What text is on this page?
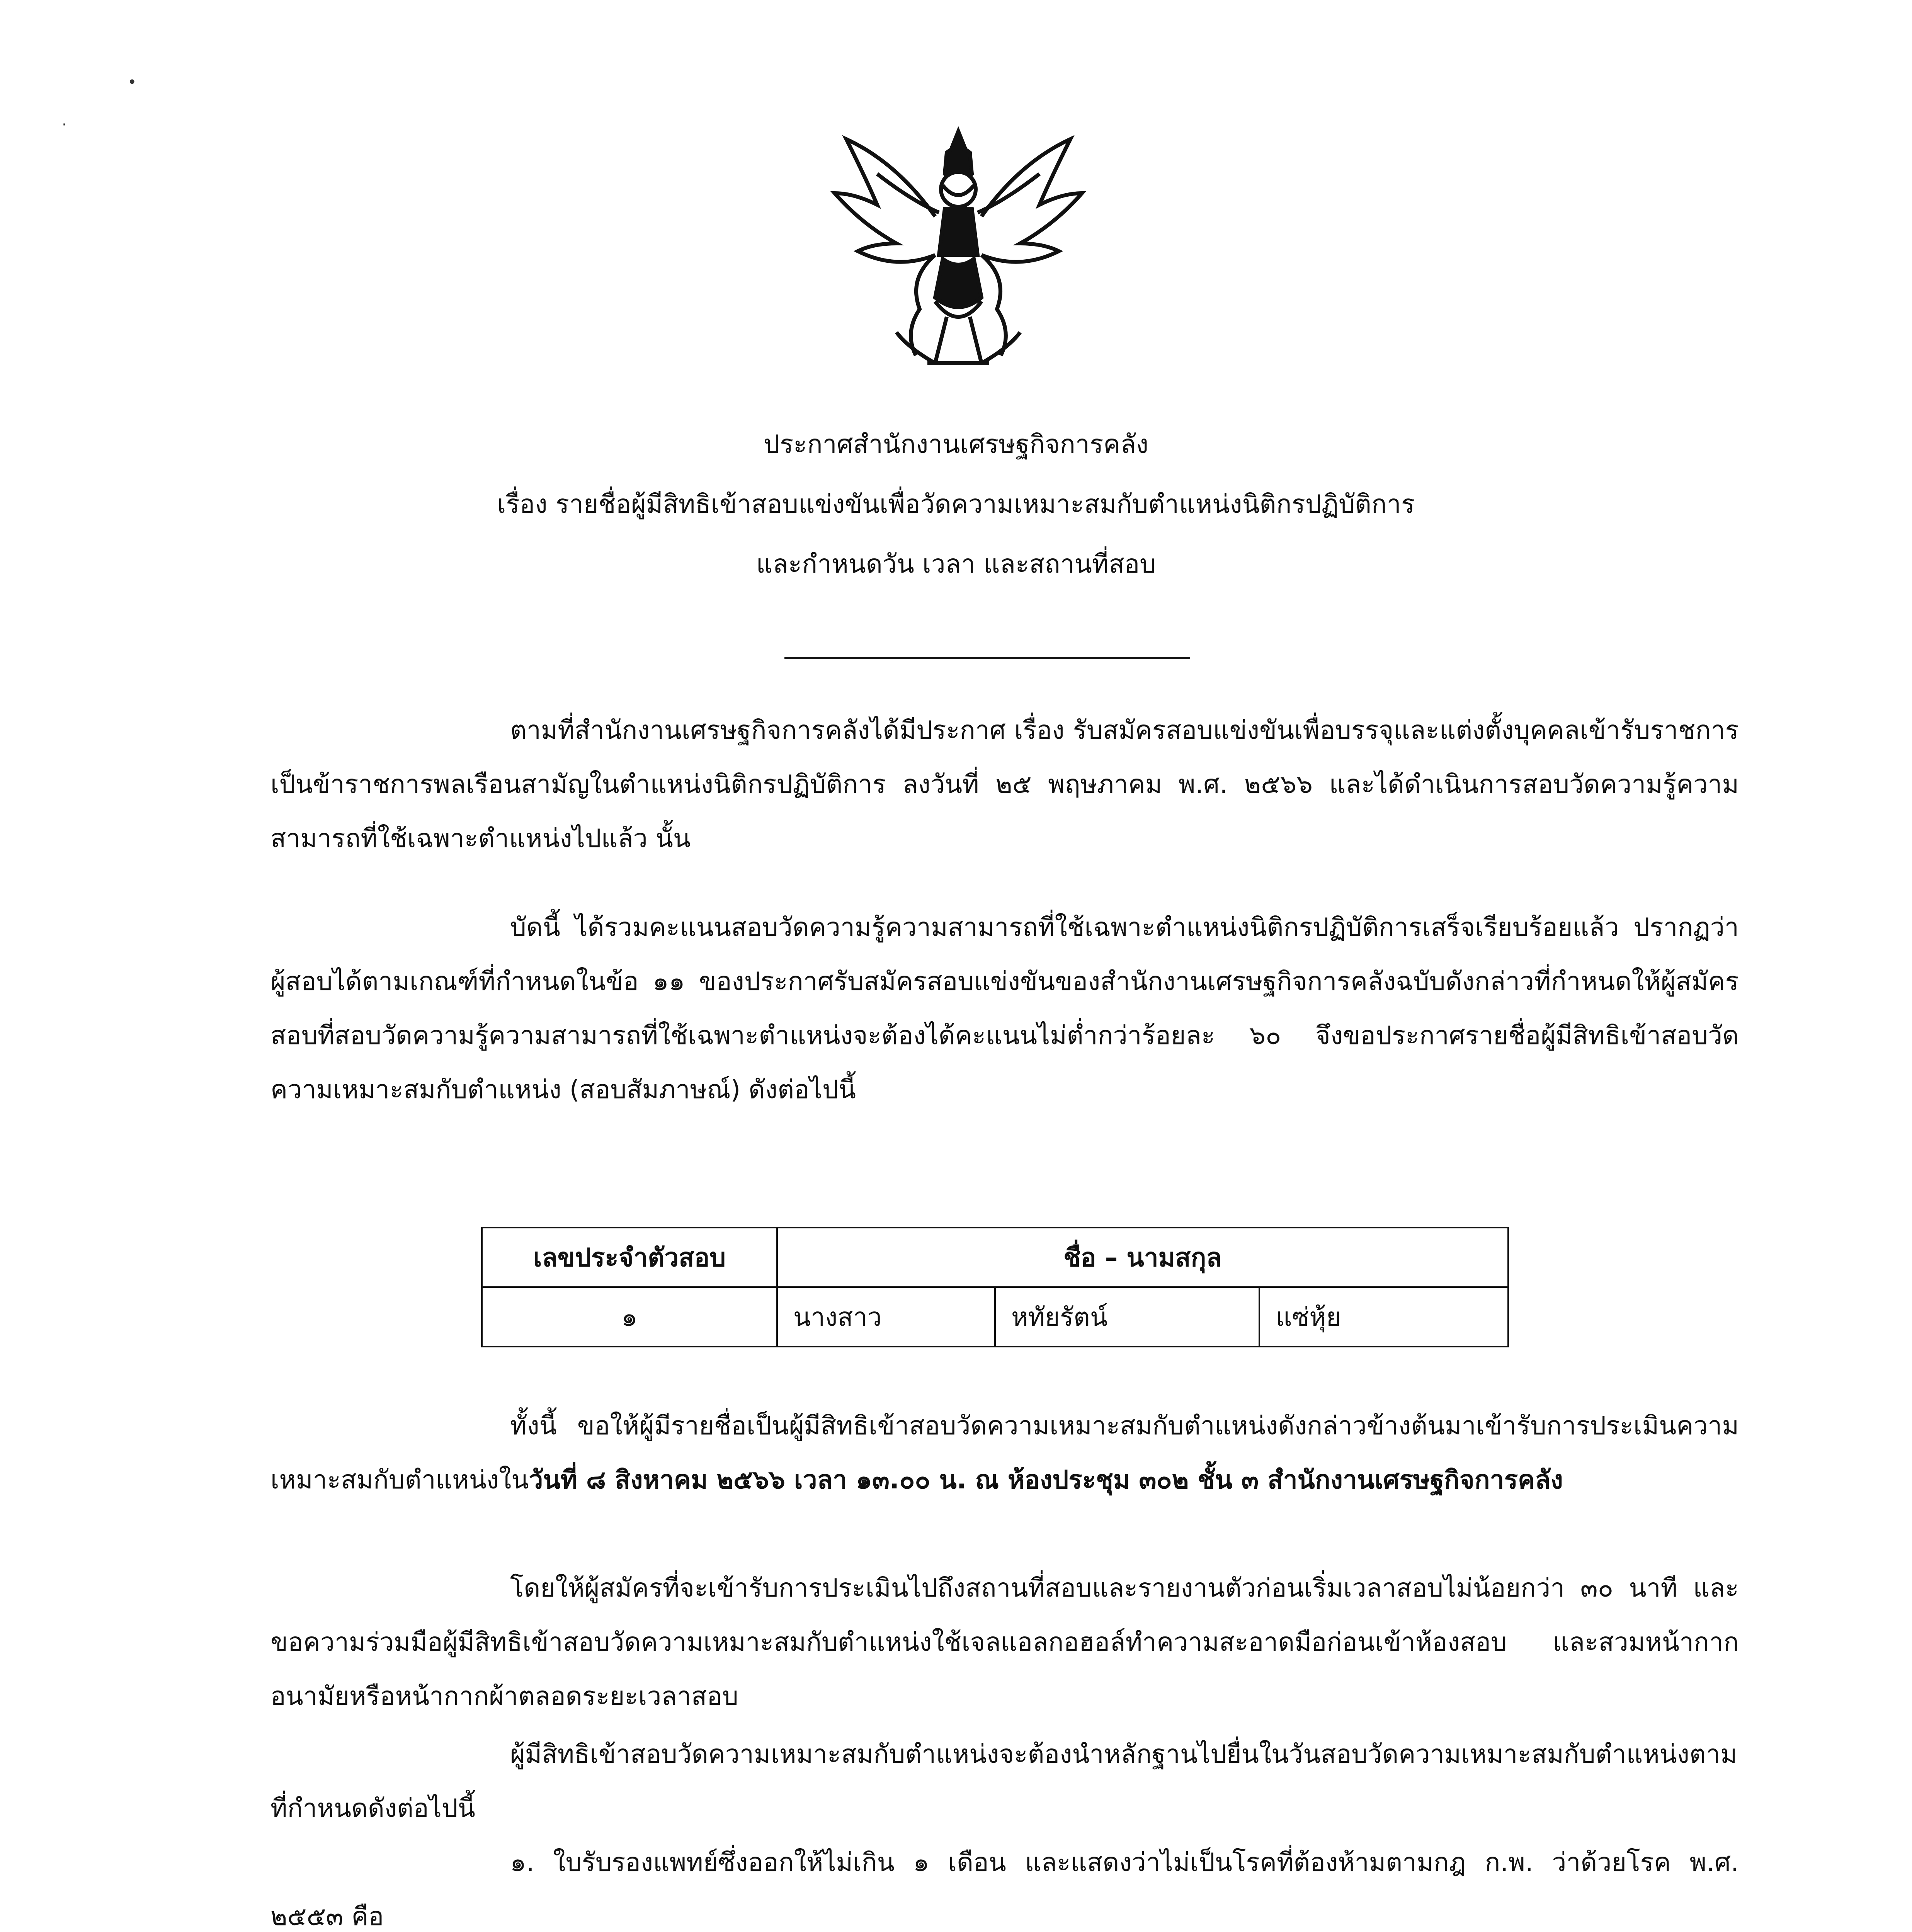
•
·
ประกาศสำนักงานเศรษฐกิจการคลัง
เรื่อง รายชื่อผู้มีสิทธิเข้าสอบแข่งขันเพื่อวัดความเหมาะสมกับตำแหน่งนิติกรปฏิบัติการ
และกำหนดวัน เวลา และสถานที่สอบ
ตามที่สำนักงานเศรษฐกิจการคลังได้มีประกาศ เรื่อง รับสมัครสอบแข่งขันเพื่อบรรจุและแต่งตั้งบุคคลเข้ารับราชการเป็นข้าราชการพลเรือนสามัญในตำแหน่งนิติกรปฏิบัติการ ลงวันที่ ๒๕ พฤษภาคม พ.ศ. ๒๕๖๖ และได้ดำเนินการสอบวัดความรู้ความสามารถที่ใช้เฉพาะตำแหน่งไปแล้ว นั้น
บัดนี้ ได้รวมคะแนนสอบวัดความรู้ความสามารถที่ใช้เฉพาะตำแหน่งนิติกรปฏิบัติการเสร็จเรียบร้อยแล้ว ปรากฏว่าผู้สอบได้ตามเกณฑ์ที่กำหนดในข้อ ๑๑ ของประกาศรับสมัครสอบแข่งขันของสำนักงานเศรษฐกิจการคลังฉบับดังกล่าวที่กำหนดให้ผู้สมัครสอบที่สอบวัดความรู้ความสามารถที่ใช้เฉพาะตำแหน่งจะต้องได้คะแนนไม่ต่ำกว่าร้อยละ ๖๐ จึงขอประกาศรายชื่อผู้มีสิทธิเข้าสอบวัดความเหมาะสมกับตำแหน่ง (สอบสัมภาษณ์) ดังต่อไปนี้
เลขประจำตัวสอบ	ชื่อ – นามสกุล		
๑	นางสาว	หทัยรัตน์	แซ่หุ้ย
ทั้งนี้ ขอให้ผู้มีรายชื่อเป็นผู้มีสิทธิเข้าสอบวัดความเหมาะสมกับตำแหน่งดังกล่าวข้างต้นมาเข้ารับการประเมินความเหมาะสมกับตำแหน่งในวันที่ ๘ สิงหาคม ๒๕๖๖ เวลา ๑๓.๐๐ น. ณ ห้องประชุม ๓๐๒ ชั้น ๓ สำนักงานเศรษฐกิจการคลัง
โดยให้ผู้สมัครที่จะเข้ารับการประเมินไปถึงสถานที่สอบและรายงานตัวก่อนเริ่มเวลาสอบไม่น้อยกว่า ๓๐ นาที และขอความร่วมมือผู้มีสิทธิเข้าสอบวัดความเหมาะสมกับตำแหน่งใช้เจลแอลกอฮอล์ทำความสะอาดมือก่อนเข้าห้องสอบ และสวมหน้ากากอนามัยหรือหน้ากากผ้าตลอดระยะเวลาสอบ
ผู้มีสิทธิเข้าสอบวัดความเหมาะสมกับตำแหน่งจะต้องนำหลักฐานไปยื่นในวันสอบวัดความเหมาะสมกับตำแหน่งตามที่กำหนดดังต่อไปนี้
๑. ใบรับรองแพทย์ซึ่งออกให้ไม่เกิน ๑ เดือน และแสดงว่าไม่เป็นโรคที่ต้องห้ามตามกฎ ก.พ. ว่าด้วยโรค พ.ศ. ๒๕๕๓ คือ
